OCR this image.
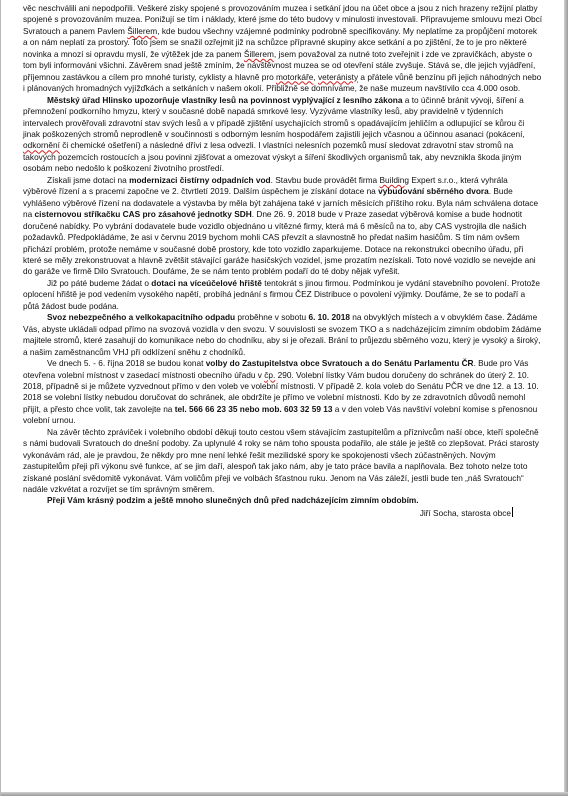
věc neschválili ani nepodpořili. Veškeré zisky spojené s provozováním muzea i setkání jdou na účet obce a jsou z nich hrazeny režijní platby spojené s provozováním muzea. Ponižují se tím i náklady, které jsme do této budovy v minulosti investovali. Připravujeme smlouvu mezi Obcí Svratouch a panem Pavlem Šillerem, kde budou všechny vzájemné podmínky podrobně specifikovány. My neplatíme za propůjčení motorek a on nám neplatí za prostory. Toto jsem se snažil ozřejmit již na schůzce přípravné skupiny akce setkání a po zjištění, že to je pro některé novinka a mnozí si opravdu myslí, že výtěžek jde za panem Šillerem, jsem považoval za nutné toto zveřejnit i zde ve zpravičkách, abyste o tom byli informováni všichni. Závěrem snad ještě zmíním, že návštěvnost muzea se od otevření stále zvyšuje. Stává se, dle jejich vyjádření, příjemnou zastávkou a cílem pro mnohé turisty, cyklisty a hlavně pro motorkáře, veteránisty a přátele vůně benzínu při jejich náhodných nebo i plánovaných hromadných vyjížďkách a setkáních v našem okolí. Přibližně se domníváme, že naše muzeum navštívilo cca 4.000 osob.

Městský úřad Hlinsko upozorňuje vlastníky lesů na povinnost vyplývající z lesního zákona a to účinně bránit vývoji, šíření a přemnožení podkorního hmyzu, který v současné době napadá smrkové lesy. Vyzýváme vlastníky lesů, aby pravidelně v týdenních intervalech prověřovali zdravotní stav svých lesů a v případě zjištění usychajících stromů s opadávajícím jehličím a odlupující se kůrou či jinak poškozených stromů neprodleně v součinnosti s odborným lesním hospodářem zajistili jejich včasnou a účinnou asanaci (pokácení, odkornění či chemické ošetření) a následné dřívi z lesa odvezli. I vlastníci nelesních pozemků musí sledovat zdravotní stav stromů na takových pozemcích rostoucích a jsou povinni zjišťovat a omezovat výskyt a šíření škodlivých organismů tak, aby nevznikla škoda jiným osobám nebo nedošlo k poškození životního prostředí.

Získali jsme dotaci na modernizaci čistírny odpadních vod. Stavbu bude provádět firma Building Expert s.r.o., která vyhrála výběrové řízení a s pracemi započne ve 2. čtvrtletí 2019. Dalším úspěchem je získání dotace na vybudování sběrného dvora. Bude vyhlášeno výběrové řízení na dodavatele a výstavba by měla být zahájena také v jarních měsících příštího roku. Byla nám schválena dotace na cisternovou stříkačku CAS pro zásahové jednotky SDH. Dne 26. 9. 2018 bude v Praze zasedat výběrová komise a bude hodnotit doručené nabídky. Po vybrání dodavatele bude vozidlo objednáno u vítězné firmy, která má 6 měsíců na to, aby CAS vystrojila dle našich požadavků. Předpokládáme, že asi v červnu 2019 bychom mohli CAS převzít a slavnostně ho předat našim hasičům. S tím nám ovšem přichází problém, protože nemáme v současné době prostory, kde toto vozidlo zaparkujeme. Dotace na rekonstrukci obecního úřadu, při které se měly zrekonstruovat a hlavně zvětšit stávající garáže hasičských vozidel, jsme prozatím nezískali. Toto nové vozidlo se nevejde ani do garáže ve firmě Dilo Svratouch. Doufáme, že se nám tento problém podaří do té doby nějak vyřešit.

Již po páté budeme žádat o dotaci na víceúčelové hřiště tentokrát s jinou firmou. Podmínkou je vydání stavebního povolení. Protože oplocení hřiště je pod vedením vysokého napětí, probíhá jednání s firmou ČEZ Distribuce o povolení výjimky. Doufáme, že se to podaří a půtá žádost bude podána.

Svoz nebezpečného a velkokapacitního odpadu proběhne v sobotu 6. 10. 2018 na obvyklých místech a v obvyklém čase. Žádáme Vás, abyste ukládali odpad přímo na svozová vozidla v den svozu. V souvislosti se svozem TKO a s nadcházejícím zimním obdobím žádáme majitele stromů, které zasahují do komunikace nebo do chodníku, aby si je ořezali. Brání to průjezdu sběrného vozu, který je vysoký a široký, a našim zaměstnancům VHJ při odklízení sněhu z chodníků.

Ve dnech 5. - 6. října 2018 se budou konat volby do Zastupitelstva obce Svratouch a do Senátu Parlamentu ČR. Bude pro Vás otevřena volební místnost v zasedací místnosti obecního úřadu v čp. 290. Volební lístky Vám budou doručeny do schránek do úterý 2. 10. 2018, případně si je můžete vyzvednout přímo v den voleb ve volební místnosti. V případě 2. kola voleb do Senátu PČR ve dne 12. a 13. 10. 2018 se volební lístky nebudou doručovat do schránek, ale obdržíte je přímo ve volební místnosti. Kdo by ze zdravotních důvodů nemohl přijít, a přesto chce volit, tak zavolejte na tel. 566 66 23 35 nebo mob. 603 32 59 13 a v den voleb Vás navštíví volební komise s přenosnou volební urnou.

Na závěr těchto zpráviček i volebního období děkuji touto cestou všem stávajícím zastupitelům a příznivcům naší obce, kteří společně s námi budovali Svratouch do dnešní podoby. Za uplynulé 4 roky se nám toho spousta podařilo, ale stále je ještě co zlepšovat. Práci starosty vykonávám rád, ale je pravdou, že někdy pro mne není lehké řešit mezilidské spory ke spokojenosti všech zúčastněných. Novým zastupitelům přeji při výkonu své funkce, ať se jim daří, alespoň tak jako nám, aby je tato práce bavila a naplňovala. Bez tohoto nelze toto získané poslání svědomitě vykonávat. Vám voličům přeji ve volbách šťastnou ruku. Jenom na Vás záleží, jestli bude ten „náš Svratouch“ nadále vzkvétat a rozvíjet se tím správným směrem.

Přeji Vám krásný podzim a ještě mnoho slunečných dnů před nadcházejícím zimním obdobím.

Jiří Socha, starosta obce
